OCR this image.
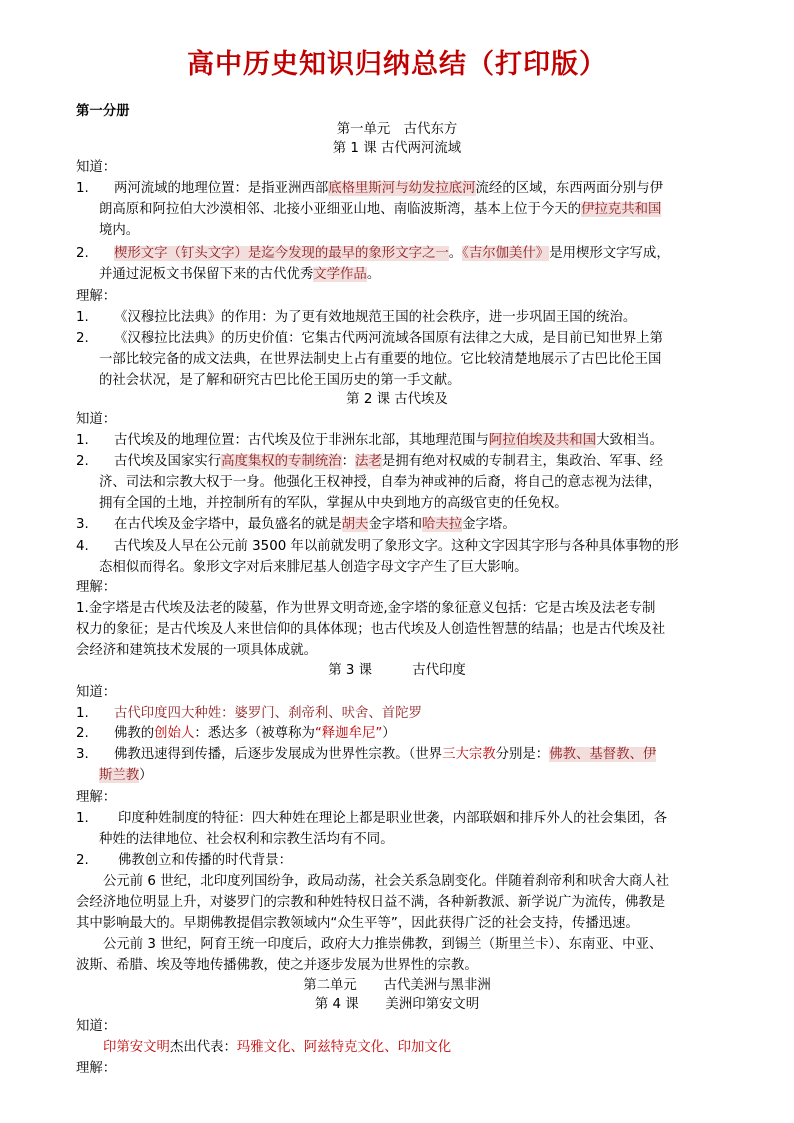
高中历史知识归纳总结（打印版）
第一分册
第一单元　古代东方
第 1 课 古代两河流域
知道：
1. 两河流域的地理位置：是指亚洲西部底格里斯河与幼发拉底河流经的区域，东西两面分别与伊
朗高原和阿拉伯大沙漠相邻、北接小亚细亚山地、南临波斯湾，基本上位于今天的伊拉克共和国
境内。
2. 楔形文字（钉头文字）是迄今发现的最早的象形文字之一。《吉尔伽美什》是用楔形文字写成，
并通过泥板文书保留下来的古代优秀文学作品。
理解：
1. 《汉穆拉比法典》的作用：为了更有效地规范王国的社会秩序，进一步巩固王国的统治。
2. 《汉穆拉比法典》的历史价值：它集古代两河流域各国原有法律之大成，是目前已知世界上第
一部比较完备的成文法典，在世界法制史上占有重要的地位。它比较清楚地展示了古巴比伦王国
的社会状况，是了解和研究古巴比伦王国历史的第一手文献。
第 2 课 古代埃及
知道：
1. 古代埃及的地理位置：古代埃及位于非洲东北部，其地理范围与阿拉伯埃及共和国大致相当。
2. 古代埃及国家实行高度集权的专制统治：法老是拥有绝对权威的专制君主，集政治、军事、经
济、司法和宗教大权于一身。他强化王权神授，自奉为神或神的后裔，将自己的意志视为法律，
拥有全国的土地，并控制所有的军队，掌握从中央到地方的高级官吏的任免权。
3. 在古代埃及金字塔中，最负盛名的就是胡夫金字塔和哈夫拉金字塔。
4. 古代埃及人早在公元前 3500 年以前就发明了象形文字。这种文字因其字形与各种具体事物的形
态相似而得名。象形文字对后来腓尼基人创造字母文字产生了巨大影响。
理解：
1.金字塔是古代埃及法老的陵墓，作为世界文明奇迹,金字塔的象征意义包括：它是古埃及法老专制
权力的象征；是古代埃及人来世信仰的具体体现；也古代埃及人创造性智慧的结晶；也是古代埃及社
会经济和建筑技术发展的一项具体成就。
第 3 课　　　古代印度
知道：
1. 古代印度四大种姓：婆罗门、刹帝利、吠舍、首陀罗
2. 佛教的创始人：悉达多（被尊称为“释迦牟尼”）
3. 佛教迅速得到传播，后逐步发展成为世界性宗教。（世界三大宗教分别是：佛教、基督教、伊
斯兰教）
理解：
1. 印度种姓制度的特征：四大种姓在理论上都是职业世袭，内部联姻和排斥外人的社会集团，各
种姓的法律地位、社会权利和宗教生活均有不同。
2. 佛教创立和传播的时代背景：
公元前 6 世纪，北印度列国纷争，政局动荡，社会关系急剧变化。伴随着刹帝利和吠舍大商人社
会经济地位明显上升，对婆罗门的宗教和种姓特权日益不满，各种新教派、新学说广为流传，佛教是
其中影响最大的。早期佛教提倡宗教领域内“众生平等”，因此获得广泛的社会支持，传播迅速。
公元前 3 世纪，阿育王统一印度后，政府大力推崇佛教，到锡兰（斯里兰卡）、东南亚、中亚、
波斯、希腊、埃及等地传播佛教，使之并逐步发展为世界性的宗教。
第二单元　　古代美洲与黑非洲
第 4 课　　美洲印第安文明
知道：
印第安文明杰出代表：玛雅文化、阿兹特克文化、印加文化
理解：
